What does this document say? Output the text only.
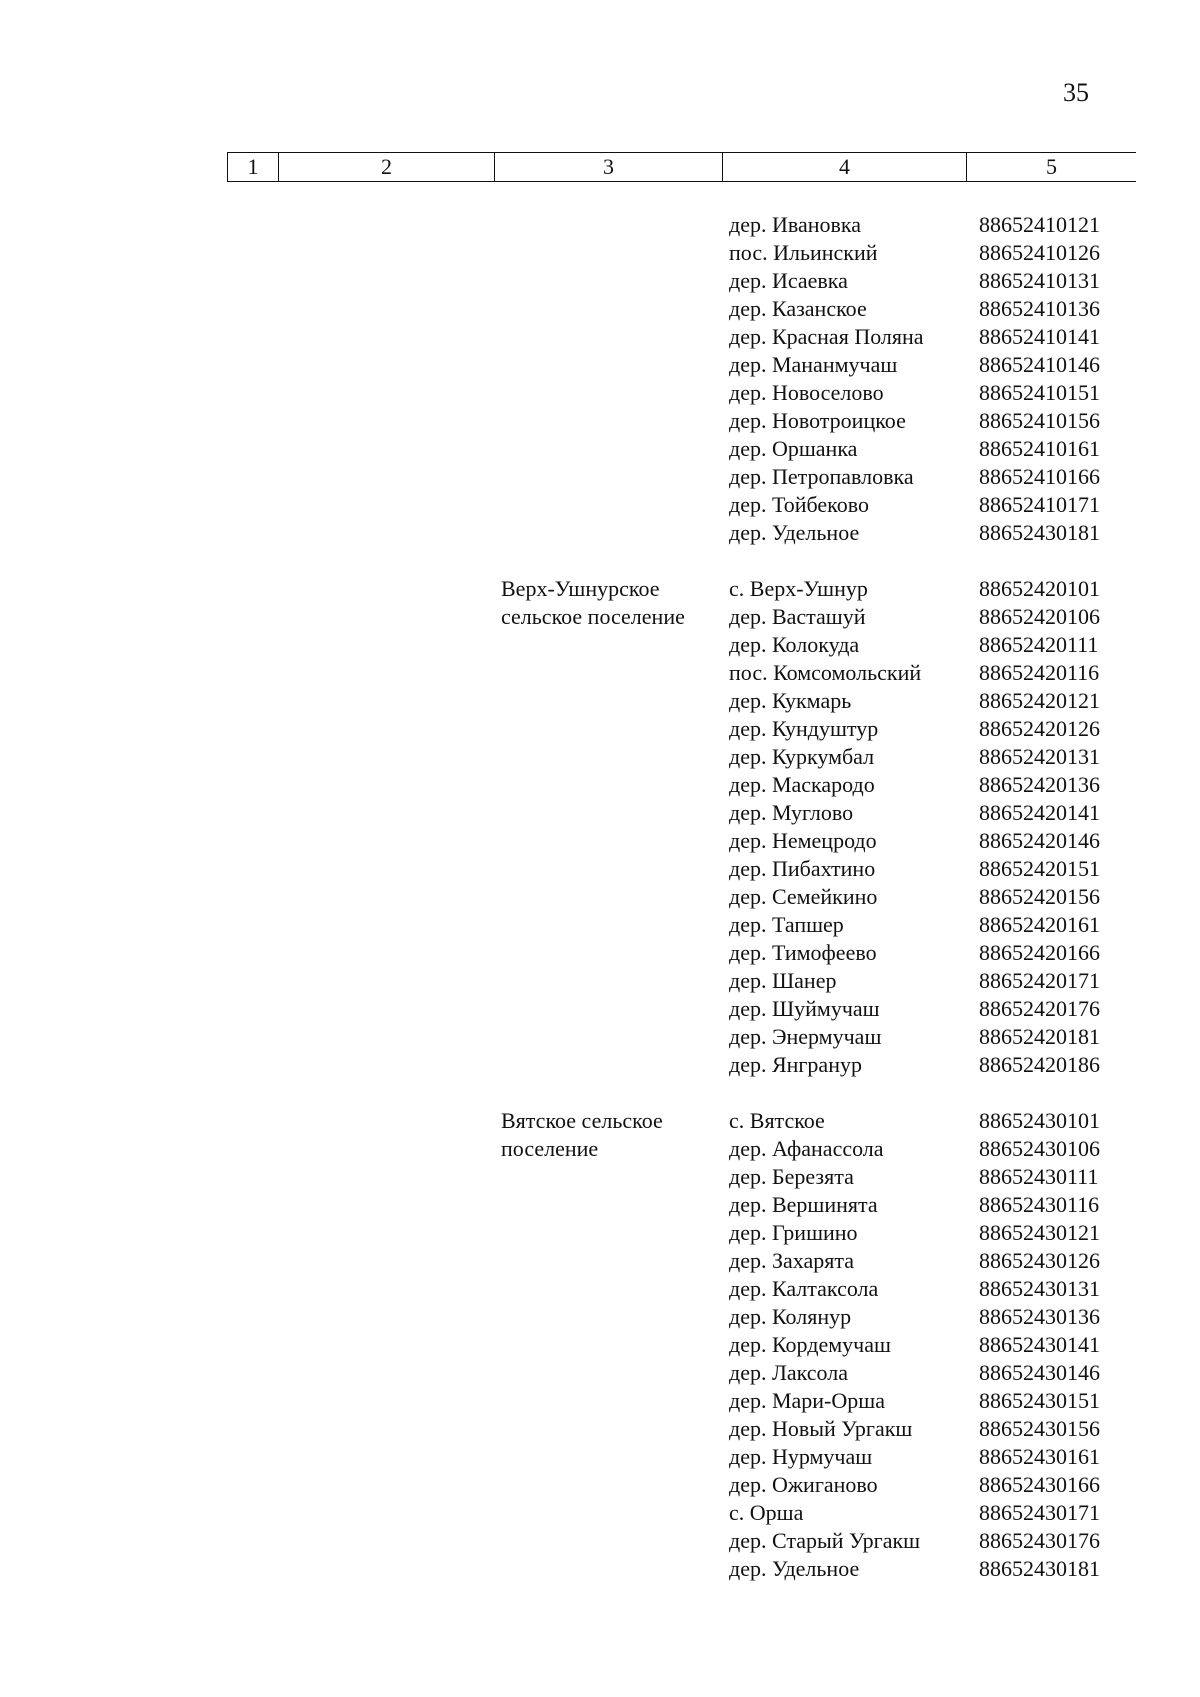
35
1	2	3	4	5
дер. Ивановка	88652410121
пос. Ильинский	88652410126
дер. Исаевка	88652410131
дер. Казанское	88652410136
дер. Красная Поляна	88652410141
дер. Мананмучаш	88652410146
дер. Новоселово	88652410151
дер. Новотроицкое	88652410156
дер. Оршанка	88652410161
дер. Петропавловка	88652410166
дер. Тойбеково	88652410171
дер. Удельное	88652430181
Верх-Ушнурское
сельское поселение
с. Верх-Ушнур	88652420101
дер. Васташуй	88652420106
дер. Колокуда	88652420111
пос. Комсомольский	88652420116
дер. Кукмарь	88652420121
дер. Кундуштур	88652420126
дер. Куркумбал	88652420131
дер. Маскародо	88652420136
дер. Муглово	88652420141
дер. Немецродо	88652420146
дер. Пибахтино	88652420151
дер. Семейкино	88652420156
дер. Тапшер	88652420161
дер. Тимофеево	88652420166
дер. Шанер	88652420171
дер. Шуймучаш	88652420176
дер. Энермучаш	88652420181
дер. Янгранур	88652420186
Вятское сельское
поселение
с. Вятское	88652430101
дер. Афанассола	88652430106
дер. Березята	88652430111
дер. Вершинята	88652430116
дер. Гришино	88652430121
дер. Захарята	88652430126
дер. Калтаксола	88652430131
дер. Колянур	88652430136
дер. Кордемучаш	88652430141
дер. Лаксола	88652430146
дер. Мари-Орша	88652430151
дер. Новый Ургакш	88652430156
дер. Нурмучаш	88652430161
дер. Ожиганово	88652430166
с. Орша	88652430171
дер. Старый Ургакш	88652430176
дер. Удельное	88652430181
